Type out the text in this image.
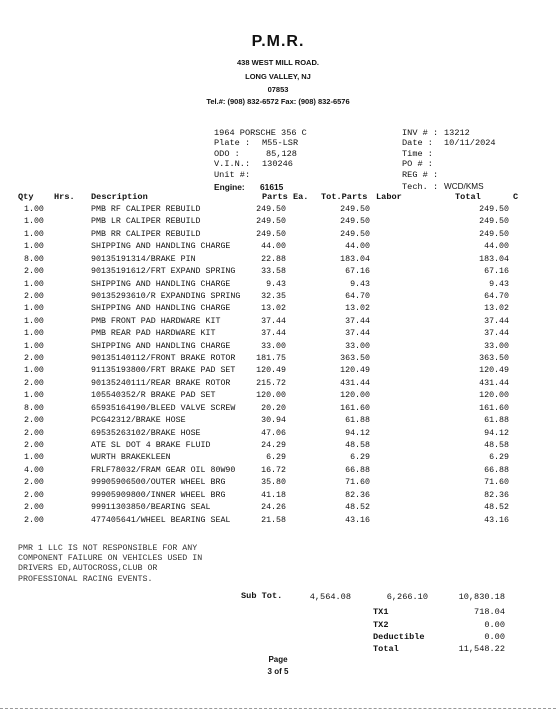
P.M.R.
438 WEST MILL ROAD.
LONG VALLEY, NJ
07853
Tel.#: (908) 832-6572 Fax: (908) 832-6576
1964 PORSCHE 356 C
Plate :	M55-LSR
ODO :	85,128
V.I.N.:	130246
Unit #:
Engine:	61615
INV # : 13212
Date :	10/11/2024
Time :
PO # :
REG # :
Tech. : WCD/KMS
Qty Hrs. Description	Parts Ea. Tot.Parts Labor	Total	C
1.00	PMB RF CALIPER REBUILD	249.50	249.50	249.50
1.00	PMB LR CALIPER REBUILD	249.50	249.50	249.50
1.00	PMB RR CALIPER REBUILD	249.50	249.50	249.50
1.00	SHIPPING AND HANDLING CHARGE	44.00	44.00	44.00
8.00	90135191314/BRAKE PIN	22.88	183.04	183.04
2.00	90135191612/FRT EXPAND SPRING	33.58	67.16	67.16
1.00	SHIPPING AND HANDLING CHARGE	9.43	9.43	9.43
2.00	90135293610/R EXPANDING SPRING 32.35	64.70	64.70
1.00	SHIPPING AND HANDLING CHARGE	13.02	13.02	13.02
1.00	PMB FRONT PAD HARDWARE KIT	37.44	37.44	37.44
1.00	PMB REAR PAD HARDWARE KIT	37.44	37.44	37.44
1.00	SHIPPING AND HANDLING CHARGE	33.00	33.00	33.00
2.00	90135140112/FRONT BRAKE ROTOR 181.75	363.50	363.50
1.00	91135193800/FRT BRAKE PAD SET 120.49	120.49	120.49
2.00	90135240111/REAR BRAKE ROTOR	215.72	431.44	431.44
1.00	105540352/R BRAKE PAD SET	120.00	120.00	120.00
8.00	65935164190/BLEED VALVE SCREW	20.20	161.60	161.60
2.00	PCG42312/BRAKE HOSE	30.94	61.88	61.88
2.00	69535263102/BRAKE HOSE	47.06	94.12	94.12
2.00	ATE SL DOT 4 BRAKE FLUID	24.29	48.58	48.58
1.00	WURTH BRAKEKLEEN	6.29	6.29	6.29
4.00	FRLF78032/FRAM GEAR OIL 80W90	16.72	66.88	66.88
2.00	99905906500/OUTER WHEEL BRG	35.80	71.60	71.60
2.00	99905909800/INNER WHEEL BRG	41.18	82.36	82.36
2.00	99911303850/BEARING SEAL	24.26	48.52	48.52
2.00	477405641/WHEEL BEARING SEAL	21.58	43.16	43.16
PMR 1 LLC IS NOT RESPONSIBLE FOR ANY
COMPONENT FAILURE ON VEHICLES USED IN
DRIVERS ED,AUTOCROSS,CLUB OR
PROFESSIONAL RACING EVENTS.
Sub Tot.	4,564.08	6,266.10	10,830.18
TX1	718.04
TX2	0.00
Deductible	0.00
Total	11,548.22
Page
3 of 5
